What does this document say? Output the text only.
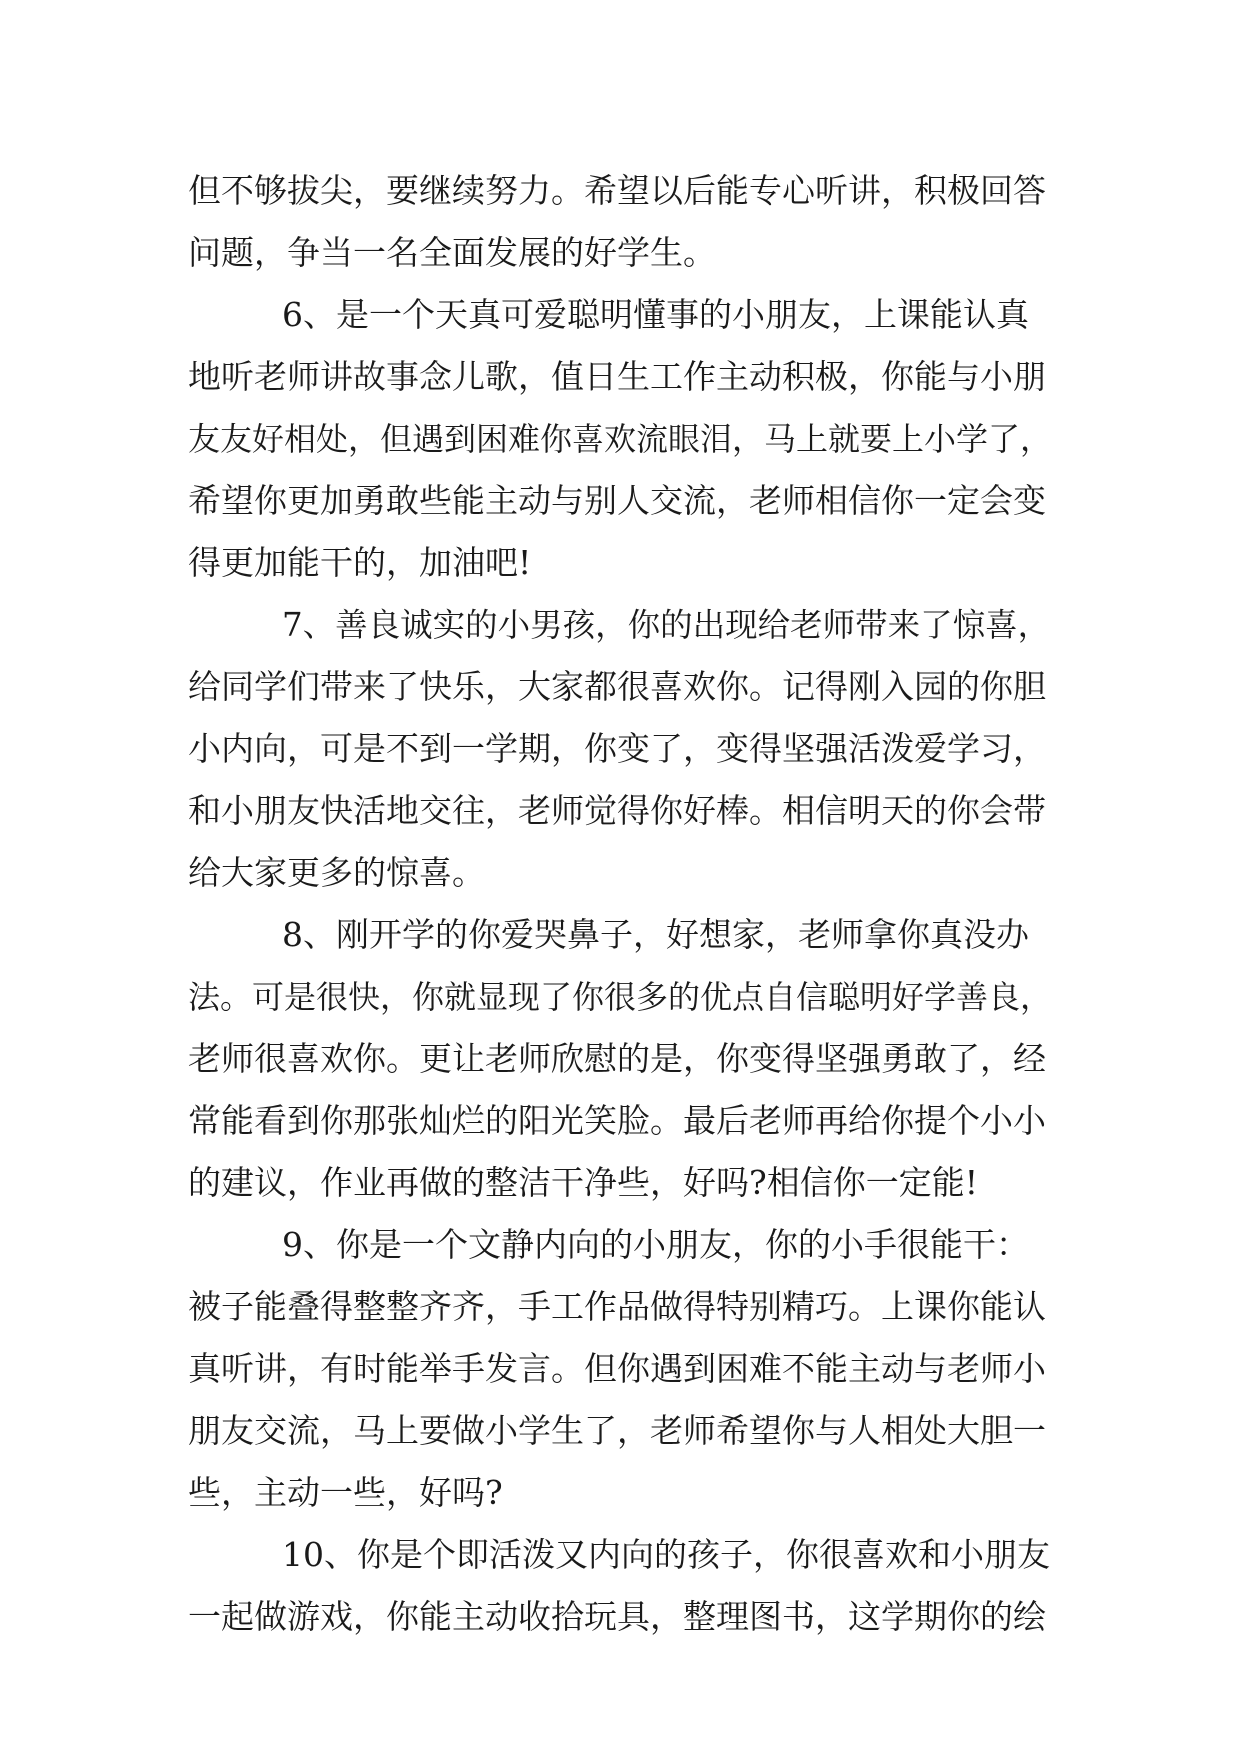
但不够拔尖，要继续努力。希望以后能专心听讲，积极回答
问题，争当一名全面发展的好学生。
6、是一个天真可爱聪明懂事的小朋友，上课能认真
地听老师讲故事念儿歌，值日生工作主动积极，你能与小朋
友友好相处，但遇到困难你喜欢流眼泪，马上就要上小学了，
希望你更加勇敢些能主动与别人交流，老师相信你一定会变
得更加能干的，加油吧!
7、善良诚实的小男孩，你的出现给老师带来了惊喜，
给同学们带来了快乐，大家都很喜欢你。记得刚入园的你胆
小内向，可是不到一学期，你变了，变得坚强活泼爱学习，
和小朋友快活地交往，老师觉得你好棒。相信明天的你会带
给大家更多的惊喜。
8、刚开学的你爱哭鼻子，好想家，老师拿你真没办
法。可是很快，你就显现了你很多的优点自信聪明好学善良，
老师很喜欢你。更让老师欣慰的是，你变得坚强勇敢了，经
常能看到你那张灿烂的阳光笑脸。最后老师再给你提个小小
的建议，作业再做的整洁干净些，好吗?相信你一定能!
9、你是一个文静内向的小朋友，你的小手很能干：
被子能叠得整整齐齐，手工作品做得特别精巧。上课你能认
真听讲，有时能举手发言。但你遇到困难不能主动与老师小
朋友交流，马上要做小学生了，老师希望你与人相处大胆一
些，主动一些，好吗?
10、你是个即活泼又内向的孩子，你很喜欢和小朋友
一起做游戏，你能主动收拾玩具，整理图书，这学期你的绘
